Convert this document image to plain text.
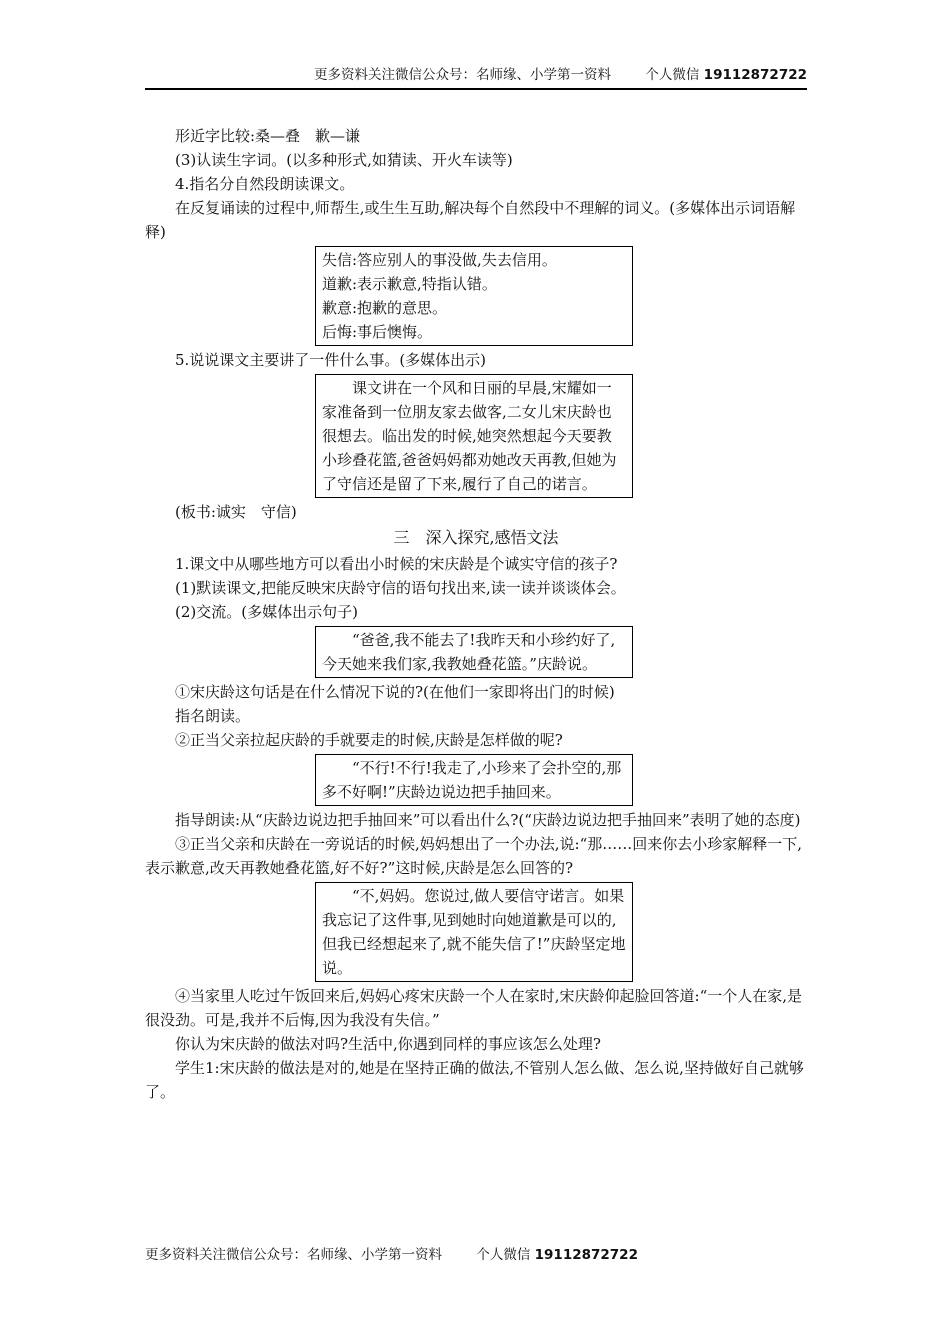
更多资料关注微信公众号：名师缘、小学第一资料	个人微信 19112872722

形近字比较:桑—叠　歉—谦

(3)认读生字词。(以多种形式,如猜读、开火车读等)

4.指名分自然段朗读课文。

在反复诵读的过程中,师帮生,或生生互助,解决每个自然段中不理解的词义。(多媒体出示词语解释)

失信:答应别人的事没做,失去信用。

道歉:表示歉意,特指认错。

歉意:抱歉的意思。

后悔:事后懊悔。

5.说说课文主要讲了一件什么事。(多媒体出示)

课文讲在一个风和日丽的早晨,宋耀如一家准备到一位朋友家去做客,二女儿宋庆龄也很想去。临出发的时候,她突然想起今天要教小珍叠花篮,爸爸妈妈都劝她改天再教,但她为了守信还是留了下来,履行了自己的诺言。

(板书:诚实　守信)

三　深入探究,感悟文法

1.课文中从哪些地方可以看出小时候的宋庆龄是个诚实守信的孩子?

(1)默读课文,把能反映宋庆龄守信的语句找出来,读一读并谈谈体会。

(2)交流。(多媒体出示句子)

“爸爸,我不能去了!我昨天和小珍约好了,今天她来我们家,我教她叠花篮。”庆龄说。

①宋庆龄这句话是在什么情况下说的?(在他们一家即将出门的时候)

指名朗读。

②正当父亲拉起庆龄的手就要走的时候,庆龄是怎样做的呢?

“不行!不行!我走了,小珍来了会扑空的,那多不好啊!”庆龄边说边把手抽回来。

指导朗读:从“庆龄边说边把手抽回来”可以看出什么?(“庆龄边说边把手抽回来”表明了她的态度)

③正当父亲和庆龄在一旁说话的时候,妈妈想出了一个办法,说:“那……回来你去小珍家解释一下,表示歉意,改天再教她叠花篮,好不好?”这时候,庆龄是怎么回答的?

“不,妈妈。您说过,做人要信守诺言。如果我忘记了这件事,见到她时向她道歉是可以的,但我已经想起来了,就不能失信了!”庆龄坚定地说。

④当家里人吃过午饭回来后,妈妈心疼宋庆龄一个人在家时,宋庆龄仰起脸回答道:“一个人在家,是很没劲。可是,我并不后悔,因为我没有失信。”

你认为宋庆龄的做法对吗?生活中,你遇到同样的事应该怎么处理?

学生1:宋庆龄的做法是对的,她是在坚持正确的做法,不管别人怎么做、怎么说,坚持做好自己就够了。

更多资料关注微信公众号：名师缘、小学第一资料	个人微信 19112872722
